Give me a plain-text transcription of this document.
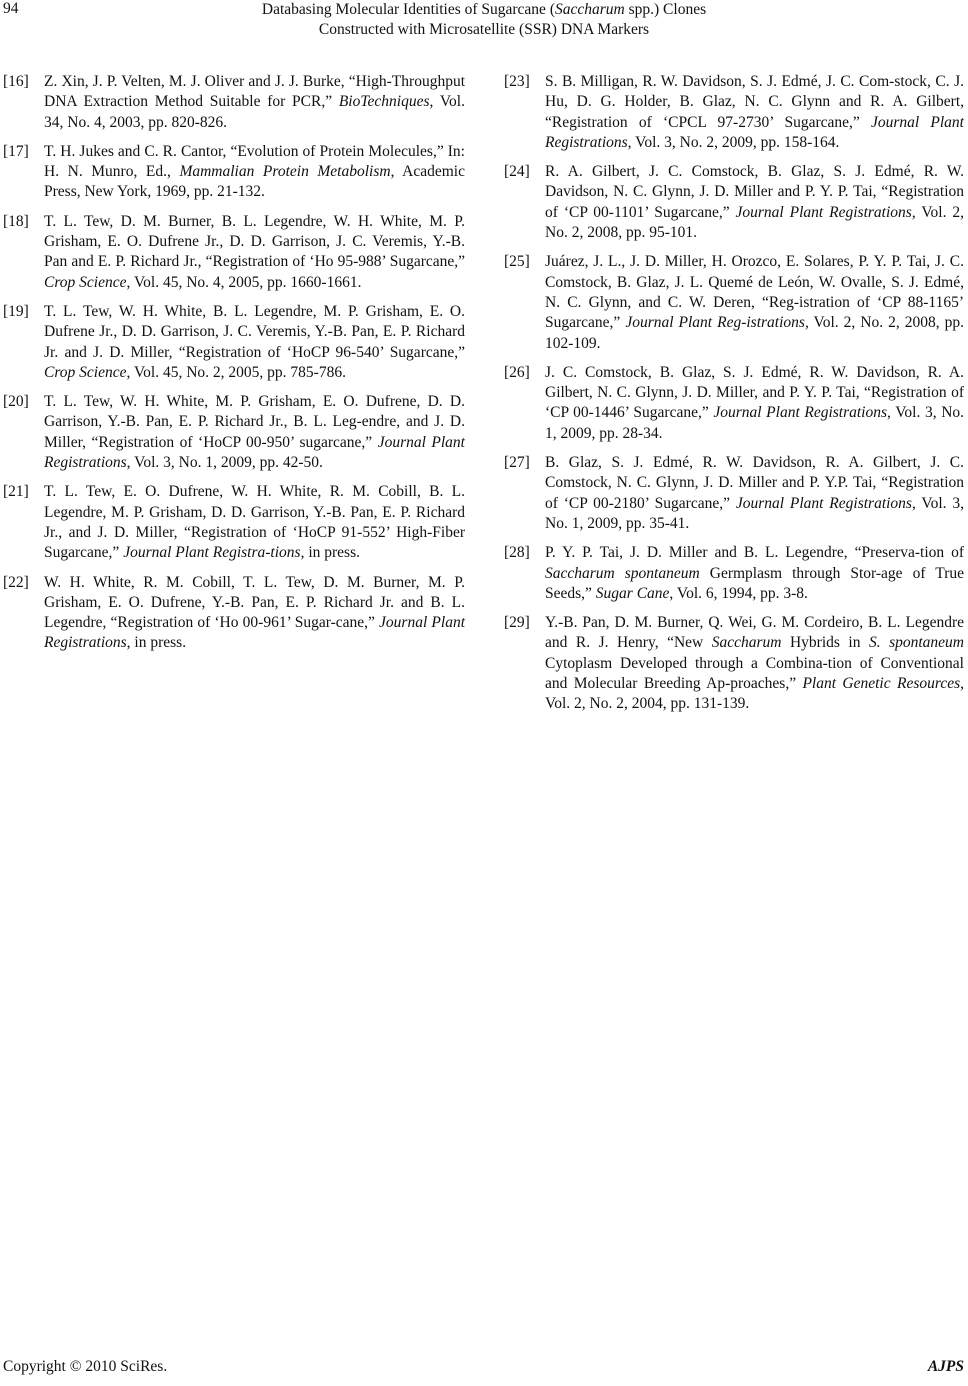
94	Databasing Molecular Identities of Sugarcane (Saccharum spp.) Clones
Constructed with Microsatellite (SSR) DNA Markers
[16] Z. Xin, J. P. Velten, M. J. Oliver and J. J. Burke, “High-Throughput DNA Extraction Method Suitable for PCR,” BioTechniques, Vol. 34, No. 4, 2003, pp. 820-826.
[17] T. H. Jukes and C. R. Cantor, “Evolution of Protein Molecules,” In: H. N. Munro, Ed., Mammalian Protein Metabolism, Academic Press, New York, 1969, pp. 21-132.
[18] T. L. Tew, D. M. Burner, B. L. Legendre, W. H. White, M. P. Grisham, E. O. Dufrene Jr., D. D. Garrison, J. C. Veremis, Y.-B. Pan and E. P. Richard Jr., “Registration of ‘Ho 95-988’ Sugarcane,” Crop Science, Vol. 45, No. 4, 2005, pp. 1660-1661.
[19] T. L. Tew, W. H. White, B. L. Legendre, M. P. Grisham, E. O. Dufrene Jr., D. D. Garrison, J. C. Veremis, Y.-B. Pan, E. P. Richard Jr. and J. D. Miller, “Registration of ‘HoCP 96-540’ Sugarcane,” Crop Science, Vol. 45, No. 2, 2005, pp. 785-786.
[20] T. L. Tew, W. H. White, M. P. Grisham, E. O. Dufrene, D. D. Garrison, Y.-B. Pan, E. P. Richard Jr., B. L. Leg-endre, and J. D. Miller, “Registration of ‘HoCP 00-950’ sugarcane,” Journal Plant Registrations, Vol. 3, No. 1, 2009, pp. 42-50.
[21] T. L. Tew, E. O. Dufrene, W. H. White, R. M. Cobill, B. L. Legendre, M. P. Grisham, D. D. Garrison, Y.-B. Pan, E. P. Richard Jr., and J. D. Miller, “Registration of ‘HoCP 91-552’ High-Fiber Sugarcane,” Journal Plant Registra-tions, in press.
[22] W. H. White, R. M. Cobill, T. L. Tew, D. M. Burner, M. P. Grisham, E. O. Dufrene, Y.-B. Pan, E. P. Richard Jr. and B. L. Legendre, “Registration of ‘Ho 00-961’ Sugar-cane,” Journal Plant Registrations, in press.
[23] S. B. Milligan, R. W. Davidson, S. J. Edmé, J. C. Com-stock, C. J. Hu, D. G. Holder, B. Glaz, N. C. Glynn and R. A. Gilbert, “Registration of ‘CPCL 97-2730’ Sugarcane,” Journal Plant Registrations, Vol. 3, No. 2, 2009, pp. 158-164.
[24] R. A. Gilbert, J. C. Comstock, B. Glaz, S. J. Edmé, R. W. Davidson, N. C. Glynn, J. D. Miller and P. Y. P. Tai, “Registration of ‘CP 00-1101’ Sugarcane,” Journal Plant Registrations, Vol. 2, No. 2, 2008, pp. 95-101.
[25] Juárez, J. L., J. D. Miller, H. Orozco, E. Solares, P. Y. P. Tai, J. C. Comstock, B. Glaz, J. L. Quemé de León, W. Ovalle, S. J. Edmé, N. C. Glynn, and C. W. Deren, “Reg-istration of ‘CP 88-1165’ Sugarcane,” Journal Plant Reg-istrations, Vol. 2, No. 2, 2008, pp. 102-109.
[26] J. C. Comstock, B. Glaz, S. J. Edmé, R. W. Davidson, R. A. Gilbert, N. C. Glynn, J. D. Miller, and P. Y. P. Tai, “Registration of ‘CP 00-1446’ Sugarcane,” Journal Plant Registrations, Vol. 3, No. 1, 2009, pp. 28-34.
[27] B. Glaz, S. J. Edmé, R. W. Davidson, R. A. Gilbert, J. C. Comstock, N. C. Glynn, J. D. Miller and P. Y.P. Tai, “Registration of ‘CP 00-2180’ Sugarcane,” Journal Plant Registrations, Vol. 3, No. 1, 2009, pp. 35-41.
[28] P. Y. P. Tai, J. D. Miller and B. L. Legendre, “Preserva-tion of Saccharum spontaneum Germplasm through Stor-age of True Seeds,” Sugar Cane, Vol. 6, 1994, pp. 3-8.
[29] Y.-B. Pan, D. M. Burner, Q. Wei, G. M. Cordeiro, B. L. Legendre and R. J. Henry, “New Saccharum Hybrids in S. spontaneum Cytoplasm Developed through a Combina-tion of Conventional and Molecular Breeding Ap-proaches,” Plant Genetic Resources, Vol. 2, No. 2, 2004, pp. 131-139.
Copyright © 2010 SciRes.	AJPS
